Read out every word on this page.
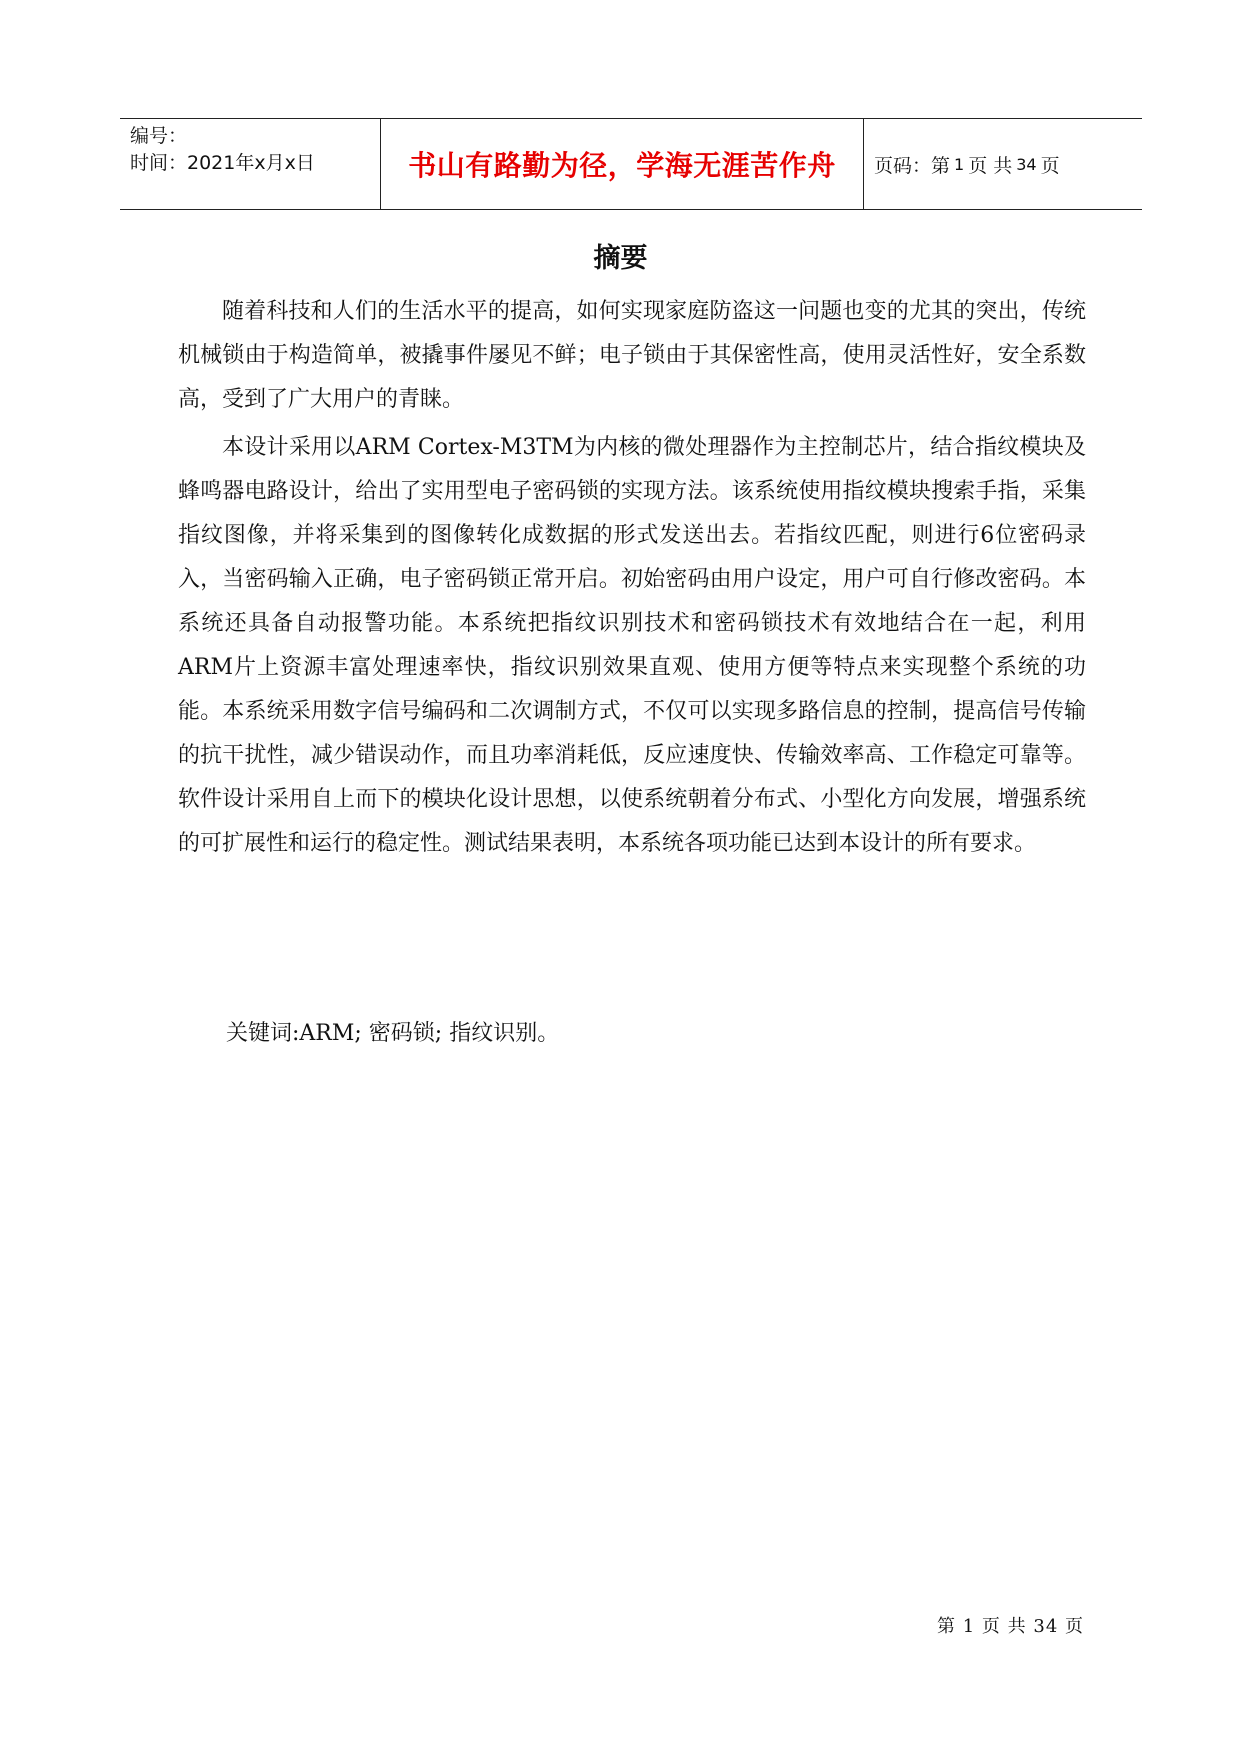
编号：
时间：2021年x月x日	书山有路勤为径，学海无涯苦作舟 页码：第 1 页 共 34 页
摘要

随着科技和人们的生活水平的提高，如何实现家庭防盗这一问题也变的尤其的突出，传统机械锁由于构造简单，被撬事件屡见不鲜；电子锁由于其保密性高，使用灵活性好，安全系数高，受到了广大用户的青睐。

本设计采用以ARM Cortex-M3TM为内核的微处理器作为主控制芯片，结合指纹模块及蜂鸣器电路设计，给出了实用型电子密码锁的实现方法。该系统使用指纹模块搜索手指，采集指纹图像，并将采集到的图像转化成数据的形式发送出去。若指纹匹配，则进行6位密码录入，当密码输入正确，电子密码锁正常开启。初始密码由用户设定，用户可自行修改密码。本系统还具备自动报警功能。本系统把指纹识别技术和密码锁技术有效地结合在一起，利用ARM片上资源丰富处理速率快，指纹识别效果直观、使用方便等特点来实现整个系统的功能。本系统采用数字信号编码和二次调制方式，不仅可以实现多路信息的控制，提高信号传输的抗干扰性，减少错误动作，而且功率消耗低，反应速度快、传输效率高、工作稳定可靠等。软件设计采用自上而下的模块化设计思想，以使系统朝着分布式、小型化方向发展，增强系统的可扩展性和运行的稳定性。测试结果表明，本系统各项功能已达到本设计的所有要求。

关键词:ARM; 密码锁; 指纹识别。
第 1 页 共 34 页
